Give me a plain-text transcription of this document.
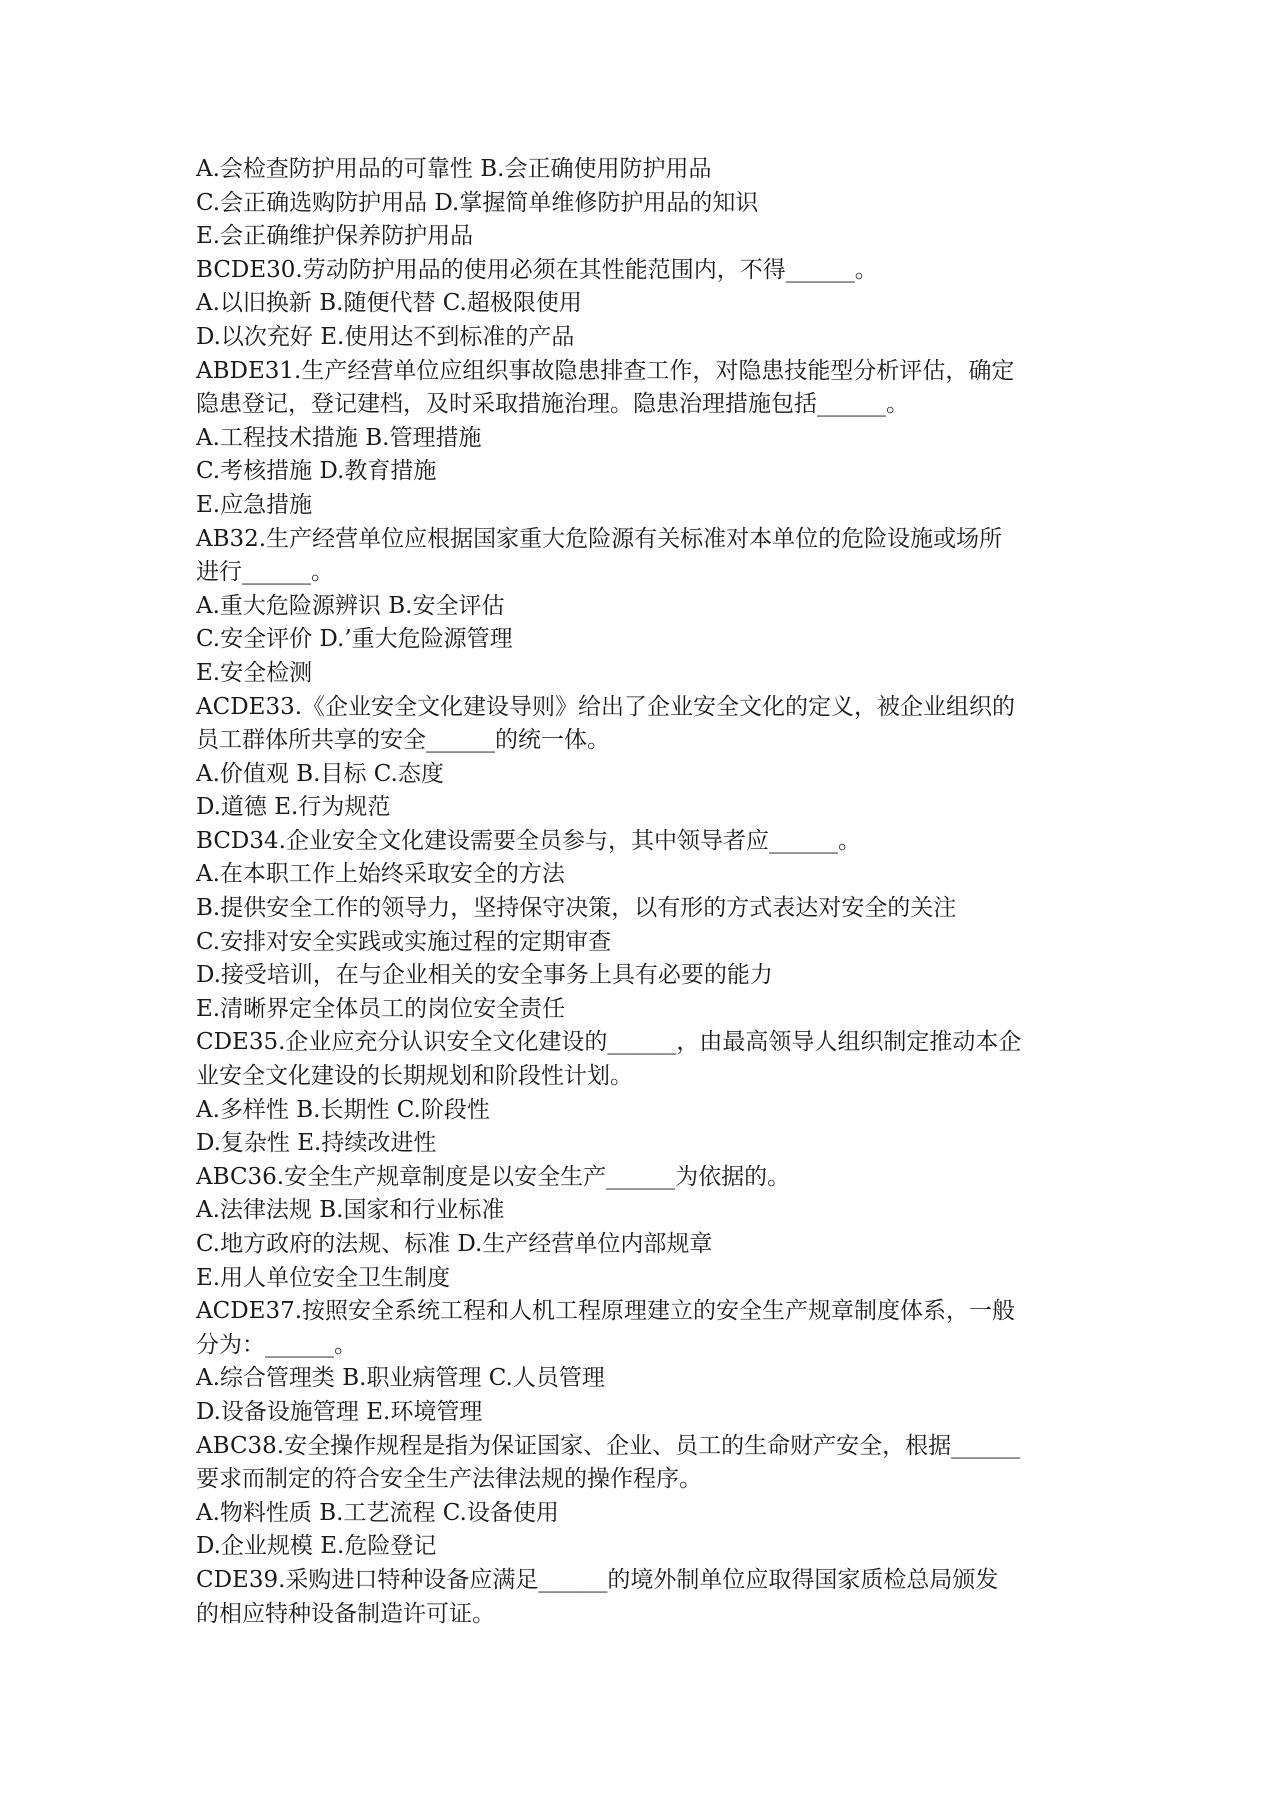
A.会检查防护用品的可靠性 B.会正确使用防护用品
C.会正确选购防护用品 D.掌握简单维修防护用品的知识
E.会正确维护保养防护用品
BCDE30.劳动防护用品的使用必须在其性能范围内，不得______。
A.以旧换新 B.随便代替 C.超极限使用
D.以次充好 E.使用达不到标准的产品
ABDE31.生产经营单位应组织事故隐患排查工作，对隐患技能型分析评估，确定
隐患登记，登记建档，及时采取措施治理。隐患治理措施包括______。
A.工程技术措施 B.管理措施
C.考核措施 D.教育措施
E.应急措施
AB32.生产经营单位应根据国家重大危险源有关标准对本单位的危险设施或场所
进行______。
A.重大危险源辨识 B.安全评估
C.安全评价 D.’重大危险源管理
E.安全检测
ACDE33.《企业安全文化建设导则》给出了企业安全文化的定义，被企业组织的
员工群体所共享的安全______的统一体。
A.价值观 B.目标 C.态度
D.道德 E.行为规范
BCD34.企业安全文化建设需要全员参与，其中领导者应______。
A.在本职工作上始终采取安全的方法
B.提供安全工作的领导力，坚持保守决策，以有形的方式表达对安全的关注
C.安排对安全实践或实施过程的定期审查
D.接受培训，在与企业相关的安全事务上具有必要的能力
E.清晰界定全体员工的岗位安全责任
CDE35.企业应充分认识安全文化建设的______，由最高领导人组织制定推动本企
业安全文化建设的长期规划和阶段性计划。
A.多样性 B.长期性 C.阶段性
D.复杂性 E.持续改进性
ABC36.安全生产规章制度是以安全生产______为依据的。
A.法律法规 B.国家和行业标准
C.地方政府的法规、标准 D.生产经营单位内部规章
E.用人单位安全卫生制度
ACDE37.按照安全系统工程和人机工程原理建立的安全生产规章制度体系，一般
分为：______。
A.综合管理类 B.职业病管理 C.人员管理
D.设备设施管理 E.环境管理
ABC38.安全操作规程是指为保证国家、企业、员工的生命财产安全，根据______
要求而制定的符合安全生产法律法规的操作程序。
A.物料性质 B.工艺流程 C.设备使用
D.企业规模 E.危险登记
CDE39.采购进口特种设备应满足______的境外制单位应取得国家质检总局颁发
的相应特种设备制造许可证。
